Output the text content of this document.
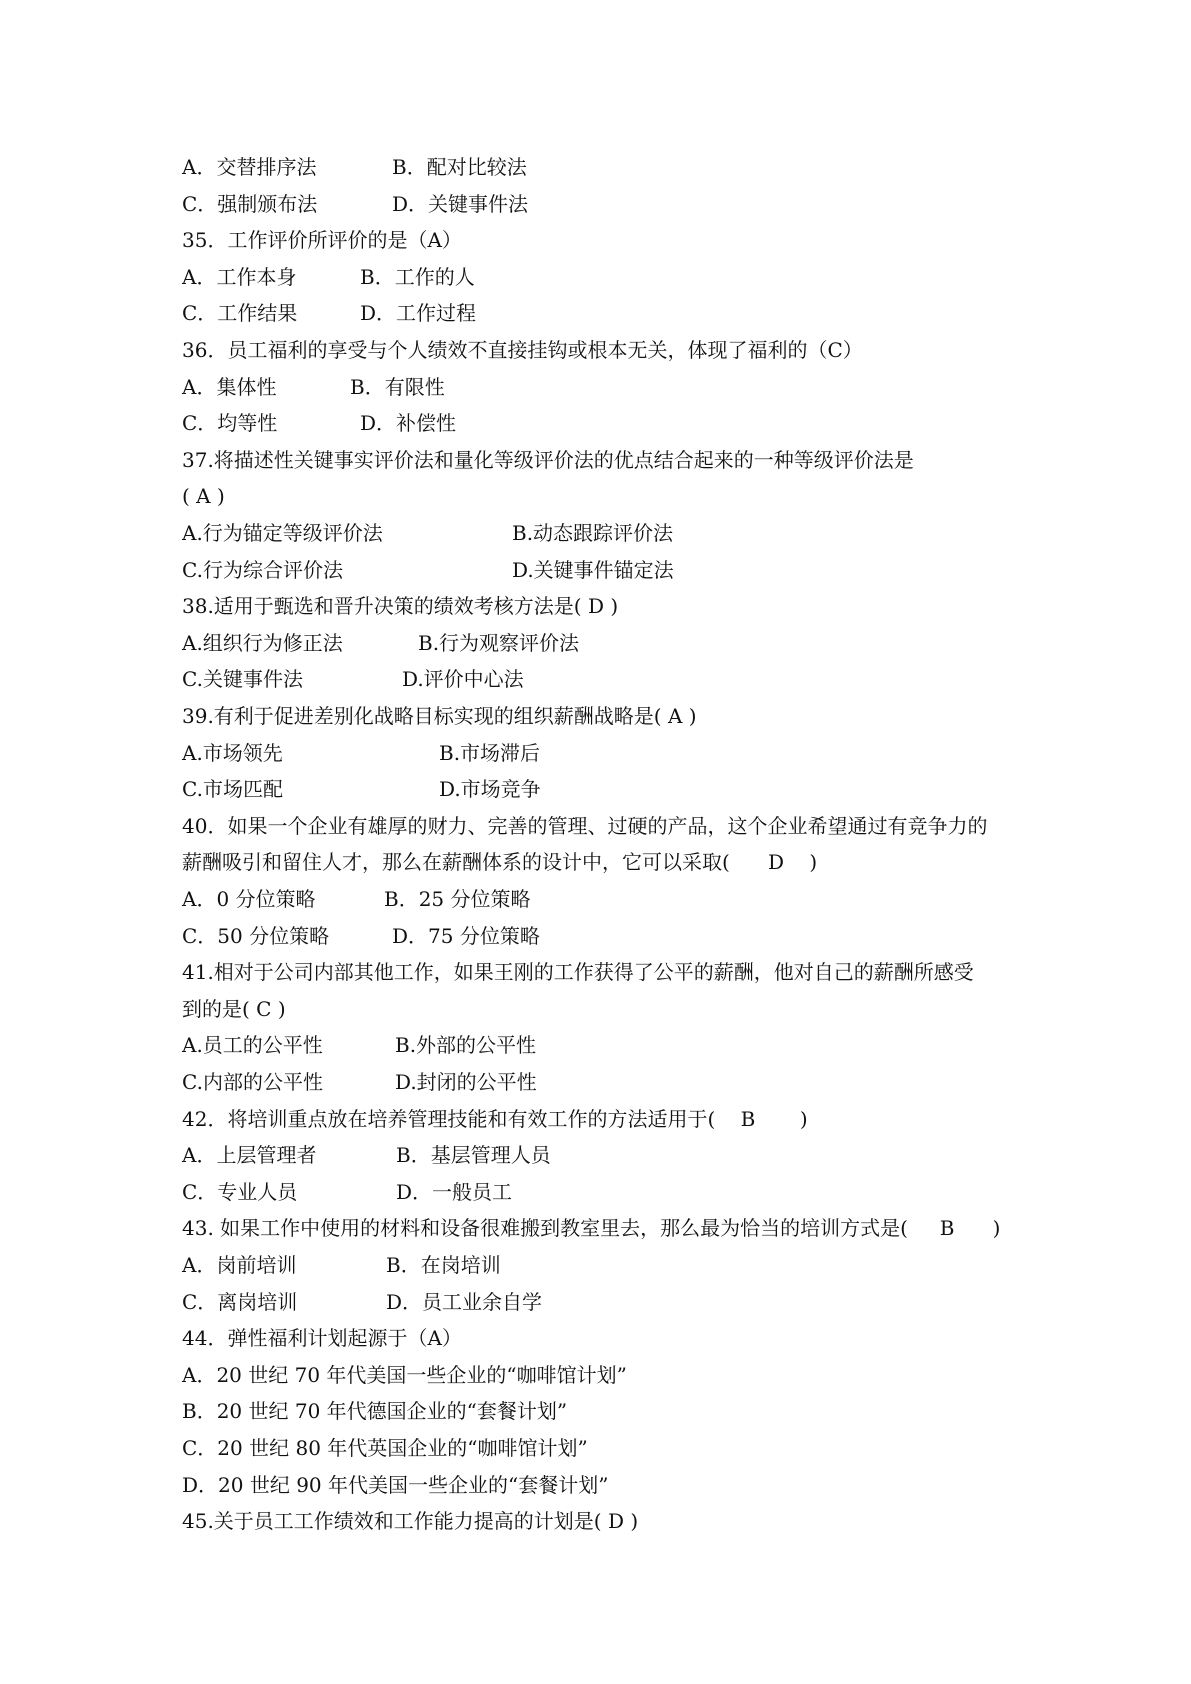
A．交替排序法	B．配对比较法
C．强制颁布法	D．关键事件法
35．工作评价所评价的是（A）
A．工作本身	B．工作的人
C．工作结果	D．工作过程
36．员工福利的享受与个人绩效不直接挂钩或根本无关，体现了福利的（C）
A．集体性	B．有限性
C．均等性	D．补偿性
37.将描述性关键事实评价法和量化等级评价法的优点结合起来的一种等级评价法是
( A )
A.行为锚定等级评价法	B.动态跟踪评价法
C.行为综合评价法	D.关键事件锚定法
38.适用于甄选和晋升决策的绩效考核方法是( D )
A.组织行为修正法	B.行为观察评价法
C.关键事件法	D.评价中心法
39.有利于促进差别化战略目标实现的组织薪酬战略是( A )
A.市场领先	B.市场滞后
C.市场匹配	D.市场竞争
40．如果一个企业有雄厚的财力、完善的管理、过硬的产品，这个企业希望通过有竞争力的
薪酬吸引和留住人才，那么在薪酬体系的设计中，它可以采取(      D    )
A．0 分位策略	B．25 分位策略
C．50 分位策略	D．75 分位策略
41.相对于公司内部其他工作，如果王刚的工作获得了公平的薪酬，他对自己的薪酬所感受
到的是( C )
A.员工的公平性	B.外部的公平性
C.内部的公平性	D.封闭的公平性
42．将培训重点放在培养管理技能和有效工作的方法适用于(    B       )
A．上层管理者	B．基层管理人员
C．专业人员	D．一般员工
43. 如果工作中使用的材料和设备很难搬到教室里去，那么最为恰当的培训方式是(     B      )
A．岗前培训	B．在岗培训
C．离岗培训	D．员工业余自学
44．弹性福利计划起源于（A）
A．20 世纪 70 年代美国一些企业的“咖啡馆计划”
B．20 世纪 70 年代德国企业的“套餐计划”
C．20 世纪 80 年代英国企业的“咖啡馆计划”
D．20 世纪 90 年代美国一些企业的“套餐计划”
45.关于员工工作绩效和工作能力提高的计划是( D )
